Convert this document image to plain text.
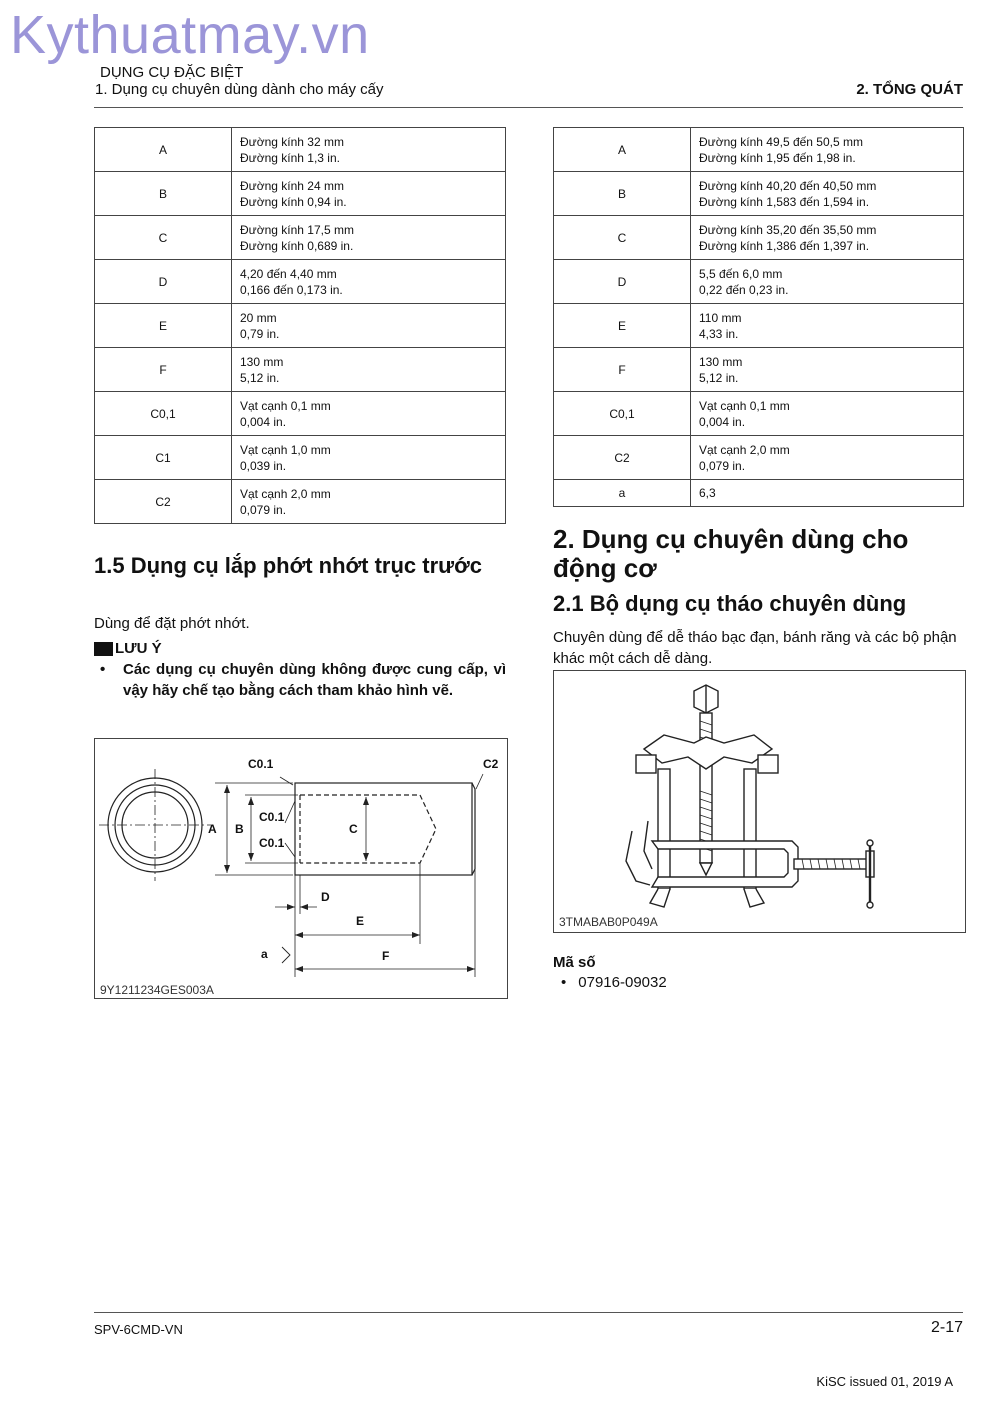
Kythuatmay.vn
DỤNG CỤ ĐẶC BIỆT
1. Dụng cụ chuyên dùng dành cho máy cấy	2. TỔNG QUÁT
A	Đường kính 32 mm
Đường kính 1,3 in.

B	Đường kính 24 mm
Đường kính 0,94 in.

C	Đường kính 17,5 mm
Đường kính 0,689 in.

D	4,20 đến 4,40 mm
0,166 đến 0,173 in.

E	20 mm
0,79 in.

F	130 mm
5,12 in.

C0,1	Vạt cạnh 0,1 mm
0,004 in.

C1	Vạt cạnh 1,0 mm
0,039 in.

C2	Vạt cạnh 2,0 mm
0,079 in.
A	Đường kính 49,5 đến 50,5 mm
Đường kính 1,95 đến 1,98 in.

B	Đường kính 40,20 đến 40,50 mm
Đường kính 1,583 đến 1,594 in.

C	Đường kính 35,20 đến 35,50 mm
Đường kính 1,386 đến 1,397 in.

D	5,5 đến 6,0 mm
0,22 đến 0,23 in.

E	110 mm
4,33 in.

F	130 mm
5,12 in.

C0,1	Vạt cạnh 0,1 mm
0,004 in.

C2	Vạt cạnh 2,0 mm
0,079 in.

a	6,3
1.5 Dụng cụ lắp phớt nhớt trục trước
Dùng để đặt phớt nhớt.
LƯU Ý
• Các dụng cụ chuyên dùng không được cung cấp, vì vậy hãy chế tạo bằng cách tham khảo hình vẽ.
C0.1	C2
A B
C0.1
C0.1
C
D
E
a	F
9Y1211234GES003A
2. Dụng cụ chuyên dùng cho động cơ
2.1 Bộ dụng cụ tháo chuyên dùng
Chuyên dùng để dễ tháo bạc đạn, bánh răng và các bộ phận khác một cách dễ dàng.
3TMABAB0P049A
Mã số
• 07916-09032
SPV-6CMD-VN	2-17
KiSC issued 01, 2019 A
